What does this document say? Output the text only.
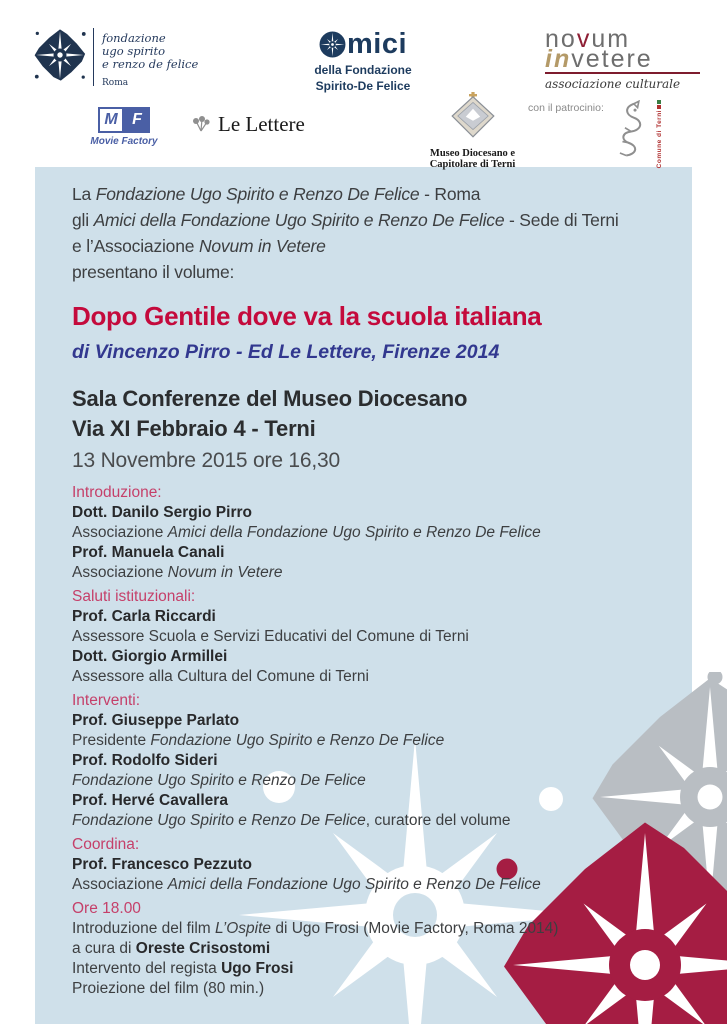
fondazione
ugo spirito
e renzo de felice
Roma
mici
della Fondazione
Spirito-De Felice
novum
invetere
associazione culturale
M F
Movie Factory
Le Lettere
Museo Diocesano e Capitolare di Terni
con il patrocinio:
Comune di Terni
La Fondazione Ugo Spirito e Renzo De Felice - Roma
gli Amici della Fondazione Ugo Spirito e Renzo De Felice - Sede di Terni
e l’Associazione Novum in Vetere
presentano il volume:
Dopo Gentile dove va la scuola italiana
di Vincenzo Pirro - Ed Le Lettere, Firenze 2014
Sala Conferenze del Museo Diocesano
Via XI Febbraio 4 - Terni
13 Novembre 2015 ore 16,30
Introduzione:
Dott. Danilo Sergio Pirro
Associazione Amici della Fondazione Ugo Spirito e Renzo De Felice
Prof. Manuela Canali
Associazione Novum in Vetere
Saluti istituzionali:
Prof. Carla Riccardi
Assessore Scuola e Servizi Educativi del Comune di Terni
Dott. Giorgio Armillei
Assessore alla Cultura del Comune di Terni
Interventi:
Prof. Giuseppe Parlato
Presidente Fondazione Ugo Spirito e Renzo De Felice
Prof. Rodolfo Sideri
Fondazione Ugo Spirito e Renzo De Felice
Prof. Hervé Cavallera
Fondazione Ugo Spirito e Renzo De Felice, curatore del volume
Coordina:
Prof. Francesco Pezzuto
Associazione Amici della Fondazione Ugo Spirito e Renzo De Felice
Ore 18.00
Introduzione del film L’Ospite di Ugo Frosi (Movie Factory, Roma 2014)
a cura di Oreste Crisostomi
Intervento del regista Ugo Frosi
Proiezione del film (80 min.)
